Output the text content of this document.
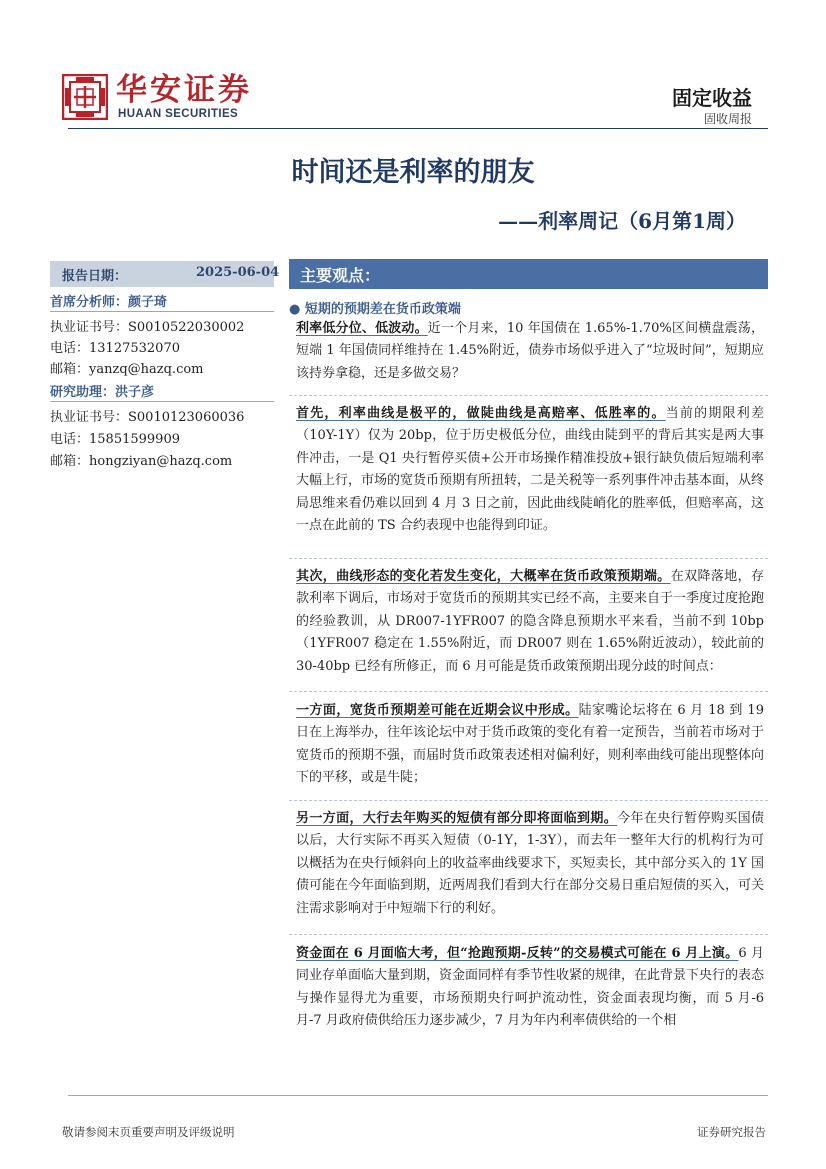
华安证券
HUAAN SECURITIES
固定收益
固收周报
时间还是利率的朋友
——利率周记（6月第1周）
报告日期：	2025-06-04
首席分析师：颜子琦
执业证书号：S0010522030002
电话：13127532070
邮箱：yanzq@hazq.com
研究助理：洪子彦
执业证书号：S0010123060036
电话：15851599909
邮箱：hongziyan@hazq.com
主要观点：
● 短期的预期差在货币政策端
利率低分位、低波动。近一个月来，10 年国债在 1.65%-1.70%区间横盘震荡，短端 1 年国债同样维持在 1.45%附近，债券市场似乎进入了“垃圾时间”，短期应该持券拿稳，还是多做交易？
首先，利率曲线是极平的，做陡曲线是高赔率、低胜率的。当前的期限利差（10Y-1Y）仅为 20bp，位于历史极低分位，曲线由陡到平的背后其实是两大事件冲击，一是 Q1 央行暂停买债+公开市场操作精准投放+银行缺负债后短端利率大幅上行，市场的宽货币预期有所扭转，二是关税等一系列事件冲击基本面，从终局思维来看仍难以回到 4 月 3 日之前，因此曲线陡峭化的胜率低，但赔率高，这一点在此前的 TS 合约表现中也能得到印证。
其次，曲线形态的变化若发生变化，大概率在货币政策预期端。在双降落地，存款利率下调后，市场对于宽货币的预期其实已经不高，主要来自于一季度过度抢跑的经验教训，从 DR007-1YFR007 的隐含降息预期水平来看，当前不到 10bp（1YFR007 稳定在 1.55%附近，而 DR007 则在 1.65%附近波动），较此前的 30-40bp 已经有所修正，而 6 月可能是货币政策预期出现分歧的时间点：
一方面，宽货币预期差可能在近期会议中形成。陆家嘴论坛将在 6 月 18 到 19 日在上海举办，往年该论坛中对于货币政策的变化有着一定预告，当前若市场对于宽货币的预期不强，而届时货币政策表述相对偏利好，则利率曲线可能出现整体向下的平移，或是牛陡；
另一方面，大行去年购买的短债有部分即将面临到期。今年在央行暂停购买国债以后，大行实际不再买入短债（0-1Y，1-3Y），而去年一整年大行的机构行为可以概括为在央行倾斜向上的收益率曲线要求下，买短卖长，其中部分买入的 1Y 国债可能在今年面临到期，近两周我们看到大行在部分交易日重启短债的买入，可关注需求影响对于中短端下行的利好。
资金面在 6 月面临大考，但“抢跑预期-反转”的交易模式可能在 6 月上演。6 月同业存单面临大量到期，资金面同样有季节性收紧的规律，在此背景下央行的表态与操作显得尤为重要，市场预期央行呵护流动性，资金面表现均衡，而 5 月-6 月-7 月政府债供给压力逐步减少，7 月为年内利率债供给的一个相
敬请参阅末页重要声明及评级说明	证券研究报告
